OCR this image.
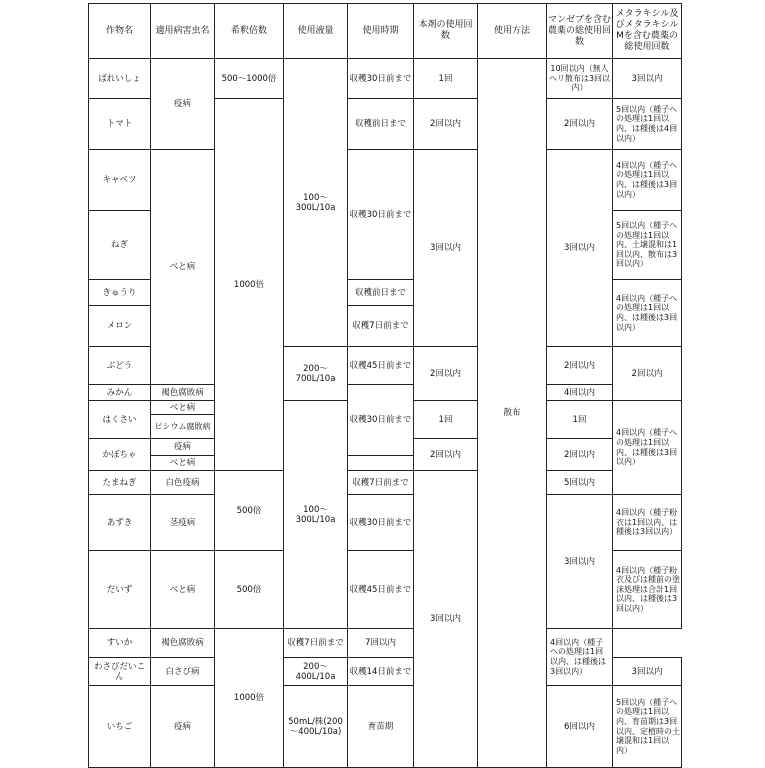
作物名	適用病害虫名	希釈倍数	使用液量	使用時期	本剤の使用回数	使用方法	マンゼブを含む農薬の総使用回数	メタラキシル及びメタラキシルMを含む農薬の総使用回数	
ばれいしょ	疫病	500～1000倍	100～300L/10a	収穫30日前まで	1回	散布	10回以内（無人ヘリ散布は3回以内）	3回以内	
トマト		1000倍		収穫前日まで	2回以内		2回以内	5回以内（種子への処理は1回以内、は種後は4回以内）	
キャベツ	べと病			収穫30日前まで	3回以内		3回以内	4回以内（種子への処理は1回以内、は種後は3回以内）	
ねぎ								5回以内（種子への処理は1回以内、土壌混和は1回以内、散布は3回以内）	
きゅうり				収穫前日まで				4回以内（種子への処理は1回以内、は種後は3回以内）	
メロン				収穫7日前まで	
ぶどう			200～700L/10a	収穫45日前まで	2回以内		2回以内	2回以内	
みかん	褐色腐敗病			収穫30日前まで			4回以内		
はくさい	べと病		100～300L/10a		1回		1回	4回以内（種子への処理は1回以内、は種後は3回以内）	
	ピシウム腐敗病								
かぼちゃ	疫病				2回以内		2回以内		
	べと病								
たまねぎ	白色疫病	500倍		収穫7日前まで	3回以内		5回以内		
あずき	茎疫病			収穫30日前まで			3回以内	4回以内（種子粉衣は1回以内、は種後は3回以内）	
だいず	べと病	500倍		収穫45日前まで				4回以内（種子粉衣及びは種前の塗沫処理は合計1回以内、は種後は3回以内）	
すいか	褐色腐敗病	1000倍	収穫7日前まで	7回以内			4回以内（種子への処理は1回以内、は種後は3回以内）		
わさびだいこん	白さび病		200～400L/10a	収穫14日前まで				3回以内	
いちご	疫病		50mL/株(200～400L/10a)	育苗期			6回以内	5回以内（種子への処理は1回以内、育苗期は3回以内、定植時の土壌混和は1回以内）	
